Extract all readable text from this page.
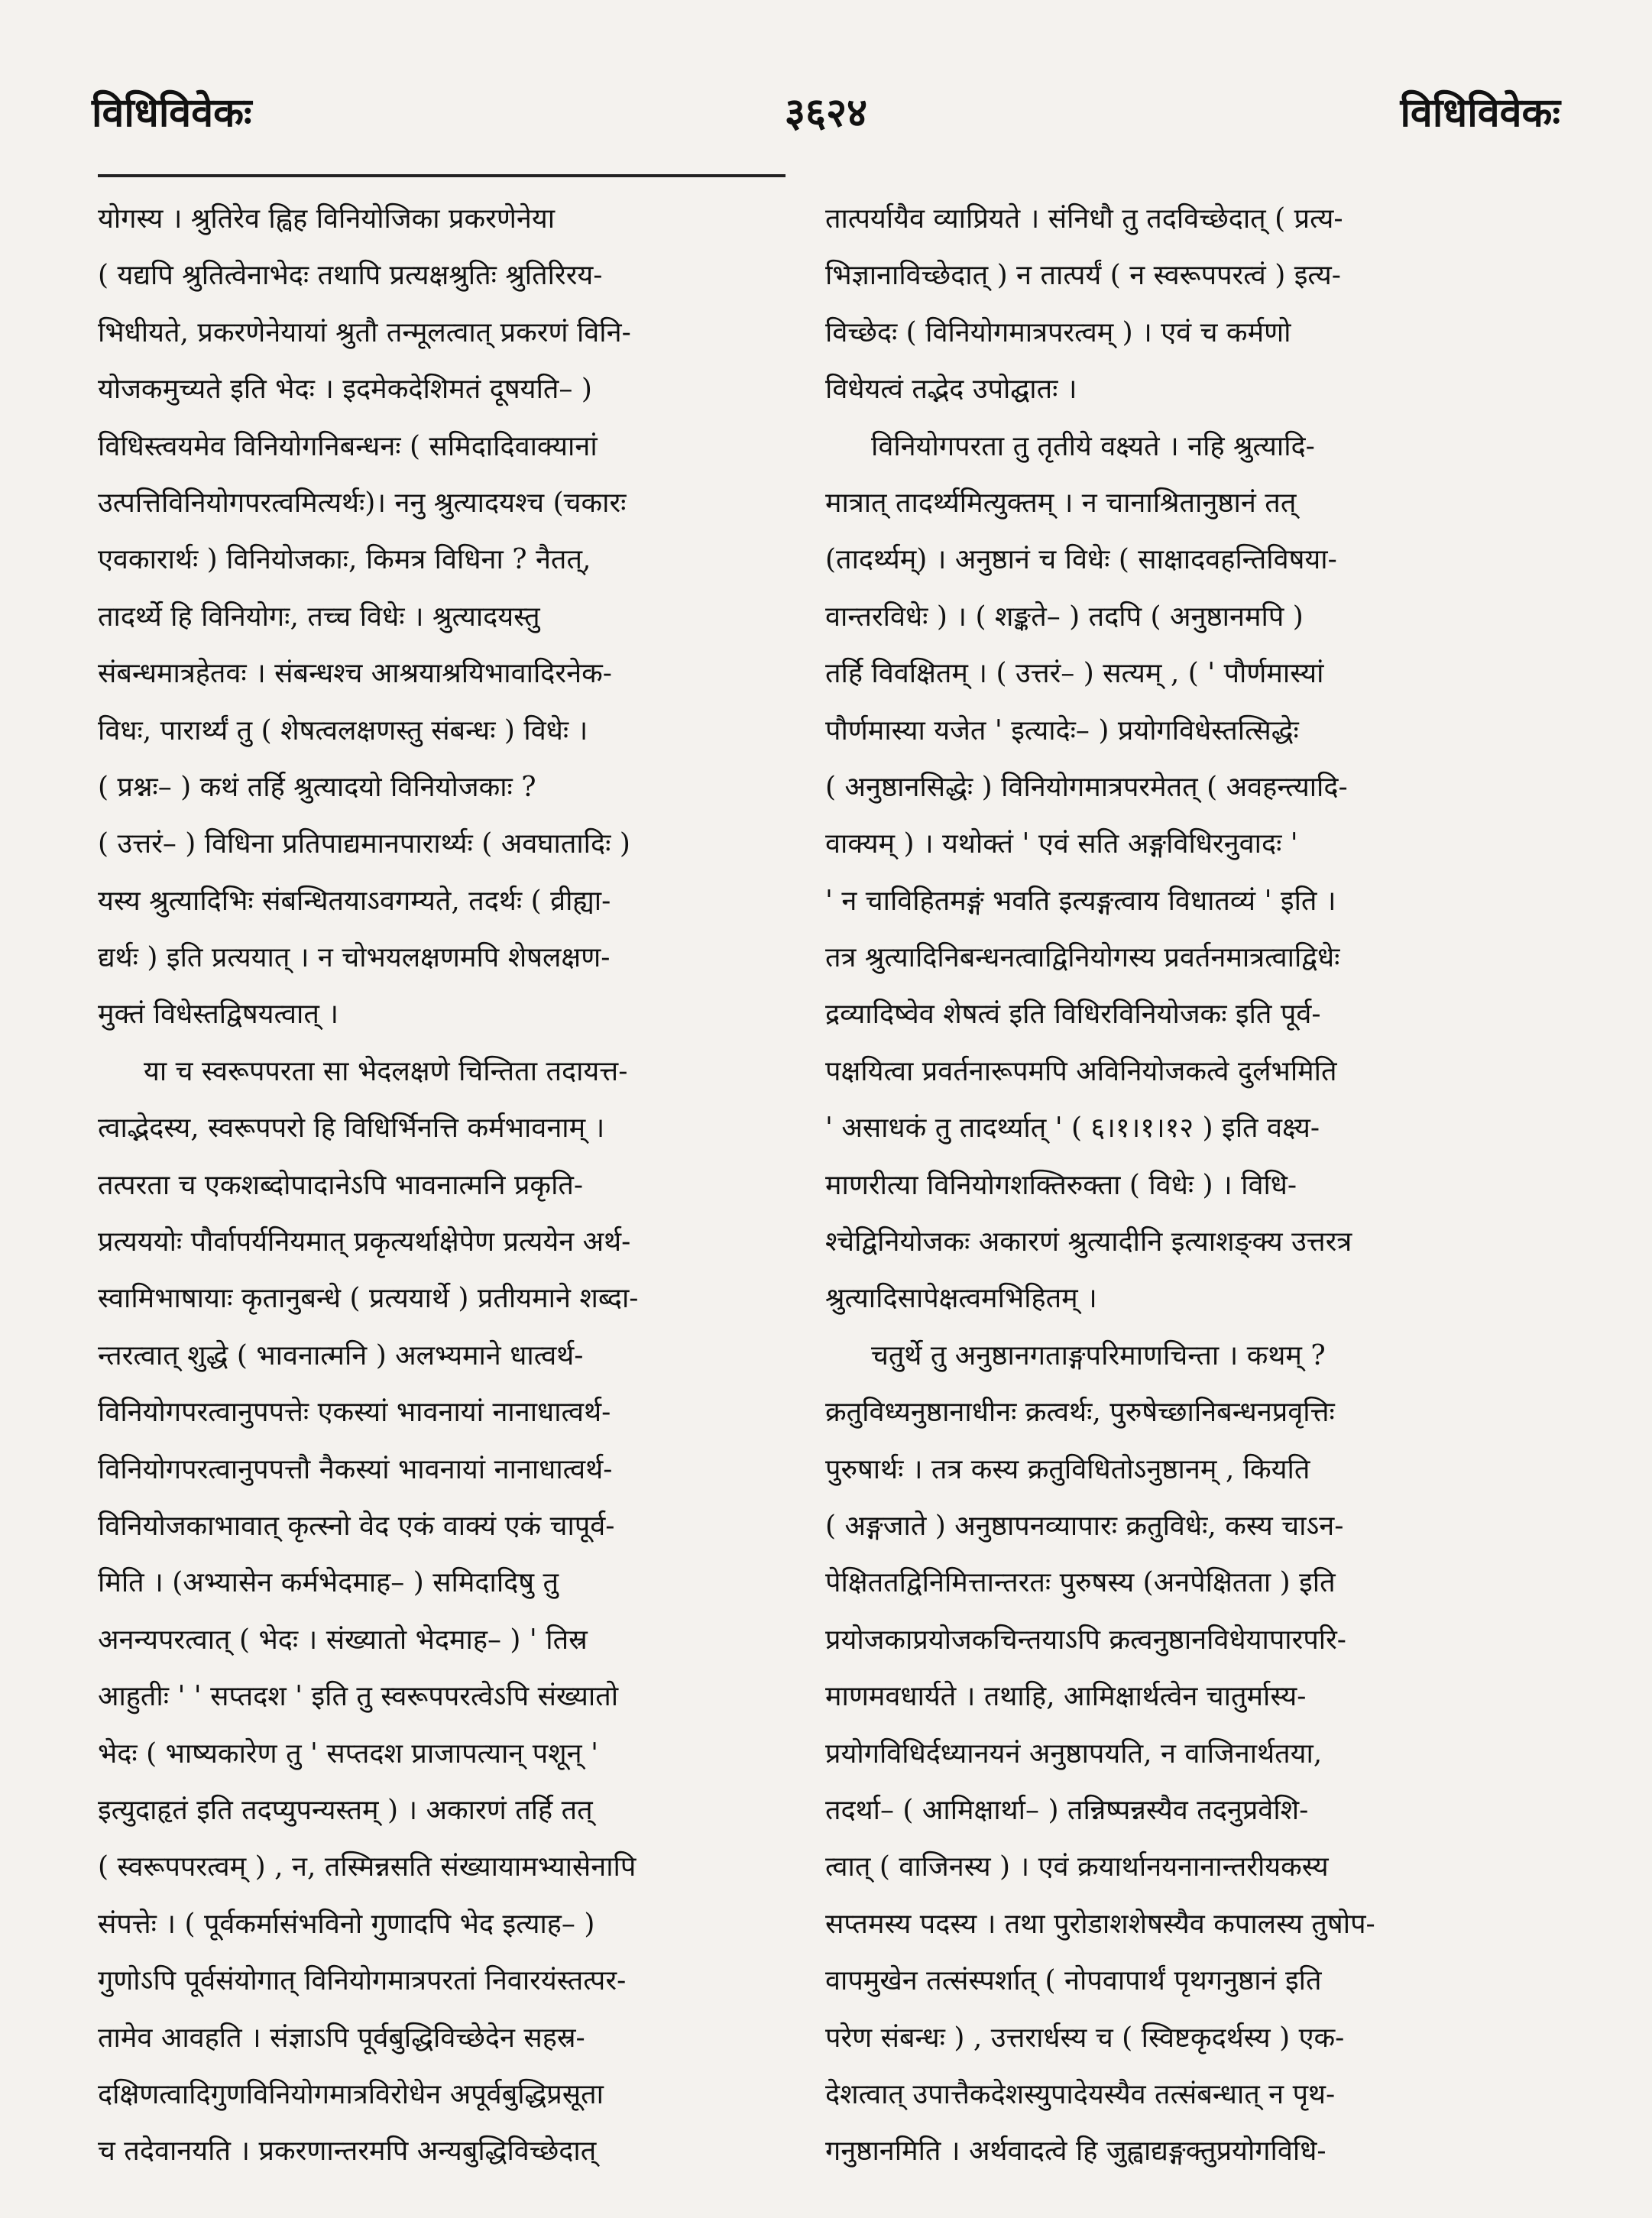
विधिविवेकः	३६२४	विधिविवेकः
योगस्य । श्रुतिरेव ह्विह विनियोजिका प्रकरणेनेया
( यद्यपि श्रुतित्वेनाभेदः तथापि प्रत्यक्षश्रुतिः श्रुतिरिरय-
भिधीयते, प्रकरणेनेयायां श्रुतौ तन्मूलत्वात् प्रकरणं विनि-
योजकमुच्यते इति भेदः । इदमेकदेशिमतं दूषयति– )
विधिस्त्वयमेव विनियोगनिबन्धनः ( समिदादिवाक्यानां
उत्पत्तिविनियोगपरत्वमित्यर्थः)। ननु श्रुत्यादयश्च (चकारः
एवकारार्थः ) विनियोजकाः, किमत्र विधिना ? नैतत्,
तादर्थ्ये हि विनियोगः, तच्च विधेः । श्रुत्यादयस्तु
संबन्धमात्रहेतवः । संबन्धश्च आश्रयाश्रयिभावादिरनेक-
विधः, पारार्थ्यं तु ( शेषत्वलक्षणस्तु संबन्धः ) विधेः ।
( प्रश्नः– ) कथं तर्हि श्रुत्यादयो विनियोजकाः ?
( उत्तरं– ) विधिना प्रतिपाद्यमानपारार्थ्यः ( अवघातादिः )
यस्य श्रुत्यादिभिः संबन्धितयाऽवगम्यते, तदर्थः ( व्रीह्या-
द्यर्थः ) इति प्रत्ययात् । न चोभयलक्षणमपि शेषलक्षण-
मुक्तं विधेस्तद्विषयत्वात् ।
या च स्वरूपपरता सा भेदलक्षणे चिन्तिता तदायत्त-
त्वाद्भेदस्य, स्वरूपपरो हि विधिर्भिनत्ति कर्मभावनाम् ।
तत्परता च एकशब्दोपादानेऽपि भावनात्मनि प्रकृति-
प्रत्यययोः पौर्वापर्यनियमात् प्रकृत्यर्थाक्षेपेण प्रत्ययेन अर्थ-
स्वामिभाषायाः कृतानुबन्धे ( प्रत्ययार्थे ) प्रतीयमाने शब्दा-
न्तरत्वात् शुद्धे ( भावनात्मनि ) अलभ्यमाने धात्वर्थ-
विनियोगपरत्वानुपपत्तेः एकस्यां भावनायां नानाधात्वर्थ-
विनियोगपरत्वानुपपत्तौ नैकस्यां भावनायां नानाधात्वर्थ-
विनियोजकाभावात् कृत्स्नो वेद एकं वाक्यं एकं चापूर्व-
मिति । (अभ्यासेन कर्मभेदमाह– ) समिदादिषु तु
अनन्यपरत्वात् ( भेदः । संख्यातो भेदमाह– ) ' तिस्र
आहुतीः ' ' सप्तदश ' इति तु स्वरूपपरत्वेऽपि संख्यातो
भेदः ( भाष्यकारेण तु ' सप्तदश प्राजापत्यान् पशून् '
इत्युदाहृतं इति तदप्युपन्यस्तम् ) । अकारणं तर्हि तत्
( स्वरूपपरत्वम् ) , न, तस्मिन्नसति संख्यायामभ्यासेनापि
संपत्तेः । ( पूर्वकर्मासंभविनो गुणादपि भेद इत्याह– )
गुणोऽपि पूर्वसंयोगात् विनियोगमात्रपरतां निवारयंस्तत्पर-
तामेव आवहति । संज्ञाऽपि पूर्वबुद्धिविच्छेदेन सहस्र-
दक्षिणत्वादिगुणविनियोगमात्रविरोधेन अपूर्वबुद्धिप्रसूता
च तदेवानयति । प्रकरणान्तरमपि अन्यबुद्धिविच्छेदात्
तात्पर्यायैव व्याप्रियते । संनिधौ तु तदविच्छेदात् ( प्रत्य-
भिज्ञानाविच्छेदात् ) न तात्पर्यं ( न स्वरूपपरत्वं ) इत्य-
विच्छेदः ( विनियोगमात्रपरत्वम् ) । एवं च कर्मणो
विधेयत्वं तद्भेद उपोद्घातः ।
विनियोगपरता तु तृतीये वक्ष्यते । नहि श्रुत्यादि-
मात्रात् तादर्थ्यमित्युक्तम् । न चानाश्रितानुष्ठानं तत्
(तादर्थ्यम्) । अनुष्ठानं च विधेः ( साक्षादवहन्तिविषया-
वान्तरविधेः ) । ( शङ्कते– ) तदपि ( अनुष्ठानमपि )
तर्हि विवक्षितम् । ( उत्तरं– ) सत्यम् , ( ' पौर्णमास्यां
पौर्णमास्या यजेत ' इत्यादेः– ) प्रयोगविधेस्तत्सिद्धेः
( अनुष्ठानसिद्धेः ) विनियोगमात्रपरमेतत् ( अवहन्त्यादि-
वाक्यम् ) । यथोक्तं ' एवं सति अङ्गविधिरनुवादः '
' न चाविहितमङ्गं भवति इत्यङ्गत्वाय विधातव्यं ' इति ।
तत्र श्रुत्यादिनिबन्धनत्वाद्विनियोगस्य प्रवर्तनमात्रत्वाद्विधेः
द्रव्यादिष्वेव शेषत्वं इति विधिरविनियोजकः इति पूर्व-
पक्षयित्वा प्रवर्तनारूपमपि अविनियोजकत्वे दुर्लभमिति
' असाधकं तु तादर्थ्यात् ' ( ६।१।१।१२ ) इति वक्ष्य-
माणरीत्या विनियोगशक्तिरुक्ता ( विधेः ) । विधि-
श्चेद्विनियोजकः अकारणं श्रुत्यादीनि इत्याशङ्क्य उत्तरत्र
श्रुत्यादिसापेक्षत्वमभिहितम् ।
चतुर्थे तु अनुष्ठानगताङ्गपरिमाणचिन्ता । कथम् ?
क्रतुविध्यनुष्ठानाधीनः क्रत्वर्थः, पुरुषेच्छानिबन्धनप्रवृत्तिः
पुरुषार्थः । तत्र कस्य क्रतुविधितोऽनुष्ठानम् , कियति
( अङ्गजाते ) अनुष्ठापनव्यापारः क्रतुविधेः, कस्य चाऽन-
पेक्षिततद्विनिमित्तान्तरतः पुरुषस्य (अनपेक्षितता ) इति
प्रयोजकाप्रयोजकचिन्तयाऽपि क्रत्वनुष्ठानविधेयापारपरि-
माणमवधार्यते । तथाहि, आमिक्षार्थत्वेन चातुर्मास्य-
प्रयोगविधिर्दध्यानयनं अनुष्ठापयति, न वाजिनार्थतया,
तदर्था– ( आमिक्षार्था– ) तन्निष्पन्नस्यैव तदनुप्रवेशि-
त्वात् ( वाजिनस्य ) । एवं क्रयार्थानयनानान्तरीयकस्य
सप्तमस्य पदस्य । तथा पुरोडाशशेषस्यैव कपालस्य तुषोप-
वापमुखेन तत्संस्पर्शात् ( नोपवापार्थं पृथगनुष्ठानं इति
परेण संबन्धः ) , उत्तरार्धस्य च ( स्विष्टकृदर्थस्य ) एक-
देशत्वात् उपात्तैकदेशस्युपादेयस्यैव तत्संबन्धात् न पृथ-
गनुष्ठानमिति । अर्थवादत्वे हि जुह्वाद्यङ्गक्तुप्रयोगविधि-
